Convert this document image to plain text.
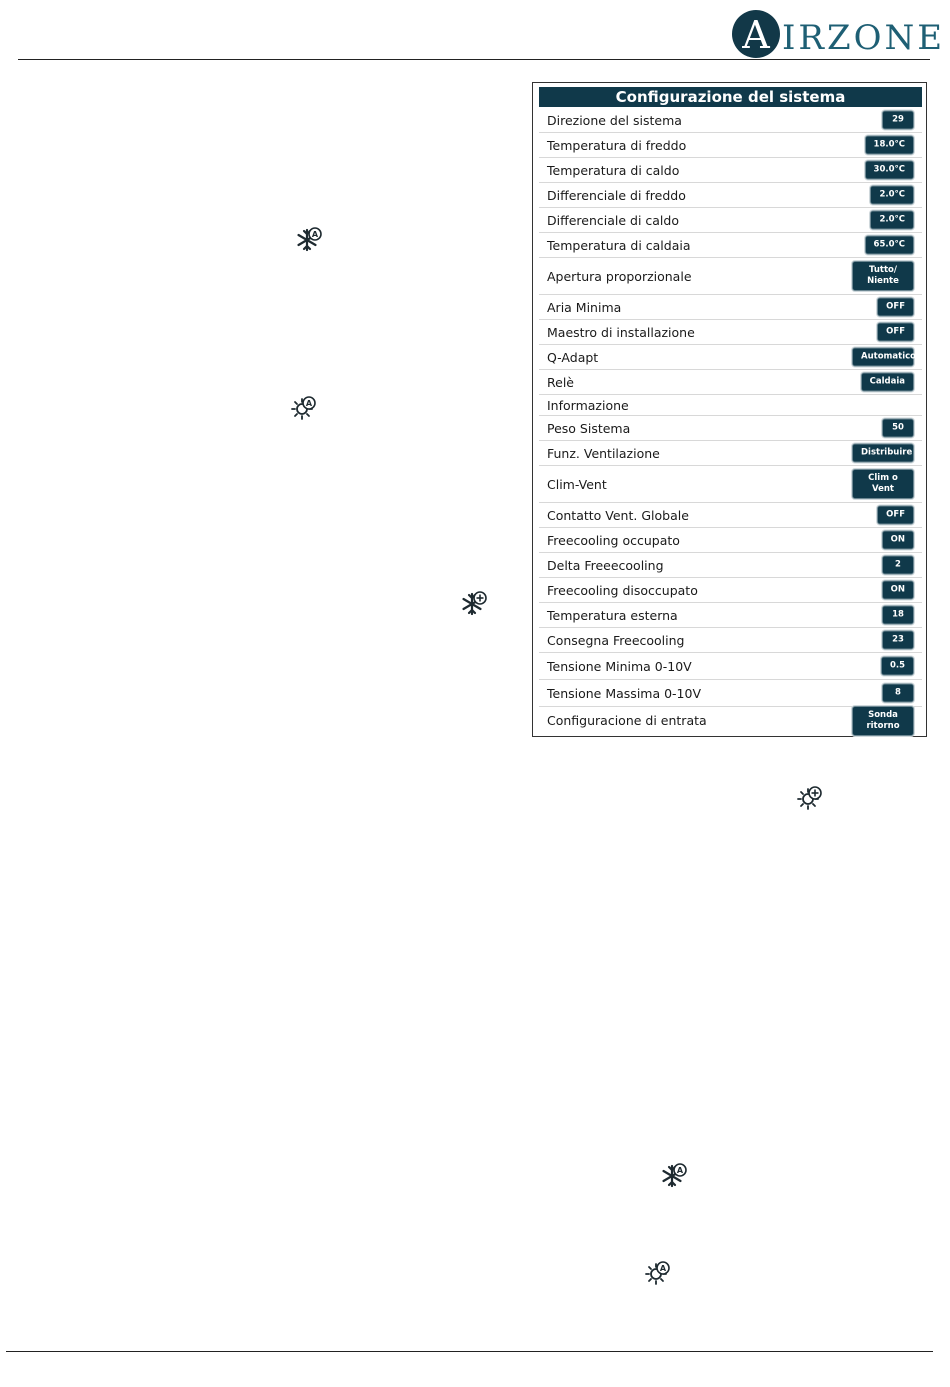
A IRZONE
A
A
A
A
Configurazione del sistema
Direzione del sistema	29
Temperatura di freddo	18.0°C
Temperatura di caldo	30.0°C
Differenciale di freddo	2.0°C
Differenciale di caldo	2.0°C
Temperatura di caldaia	65.0°C
Apertura proporzionale	Tutto/ Niente
Aria Minima	OFF
Maestro di installazione	OFF
Q-Adapt	Automatico
Relè	Caldaia
Informazione
Peso Sistema	50
Funz. Ventilazione	Distribuire
Clim-Vent	Clim o Vent
Contatto Vent. Globale	OFF
Freecooling occupato	ON
Delta Freeecooling	2
Freecooling disoccupato	ON
Temperatura esterna	18
Consegna Freecooling	23
Tensione Minima 0-10V	0.5
Tensione Massima 0-10V	8
Configuracione di entrata	Sonda ritorno
